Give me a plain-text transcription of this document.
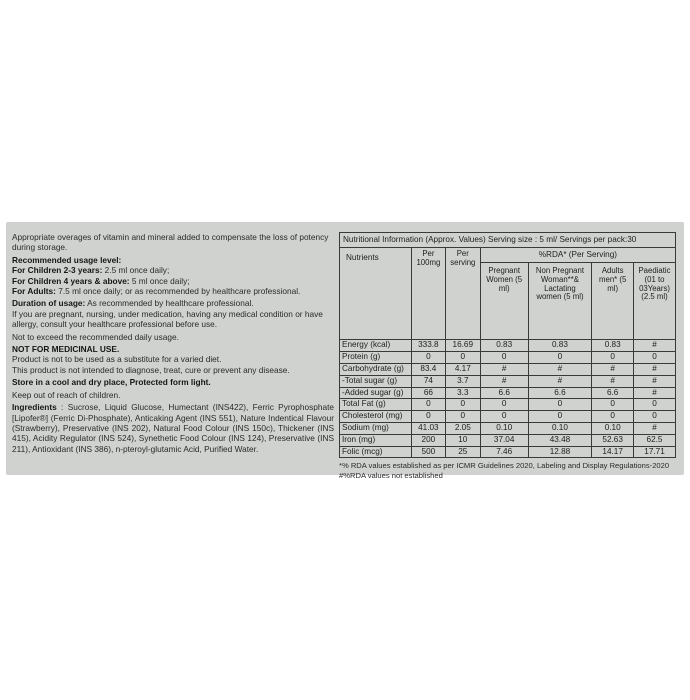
Appropriate overages of vitamin and mineral added to compensate the loss of potency during storage.

Recommended usage level:

For Children 2-3 years: 2.5 ml once daily;

For Children 4 years & above: 5 ml once daily;

For Adults: 7.5 ml once daily; or as recommended by healthcare professional.

Duration of usage: As recommended by healthcare professional.

If you are pregnant, nursing, under medication, having any medical condition or have allergy, consult your healthcare professional before use.

Not to exceed the recommended daily usage.

NOT FOR MEDICINAL USE.

Product is not to be used as a substitute for a varied diet.

This product is not intended to diagnose, treat, cure or prevent any disease.

Store in a cool and dry place, Protected form light.

Keep out of reach of children.

Ingredients : Sucrose, Liquid Glucose, Humectant (INS422), Ferric Pyrophosphate [Lipofer®] (Ferric Di-Phosphate), Anticaking Agent (INS 551), Nature Indentical Flavour (Strawberry), Preservative (INS 202), Natural Food Colour (INS 150c), Thickener (INS 415), Acidity Regulator (INS 524), Synethetic Food Colour (INS 124), Preservative (INS 211), Antioxidant (INS 386), n-pteroyl-glutamic Acid, Purified Water.

Nutritional Information (Approx. Values) Serving size : 5 ml/ Servings per pack:30						
Nutrients	Per 100mg	Per serving	%RDA* (Per Serving)			
			Pregnant Women (5 ml)	Non Pregnant Woman**& Lactating women (5 ml)	Adults men* (5 ml)	Paediatic (01 to 03Years) (2.5 ml)
Energy (kcal)	333.8	16.69	0.83	0.83	0.83	#
Protein (g)	0	0	0	0	0	0
Carbohydrate (g)	83.4	4.17	#	#	#	#
-Total sugar (g)	74	3.7	#	#	#	#
-Added sugar (g)	66	3.3	6.6	6.6	6.6	#
Total Fat (g)	0	0	0	0	0	0
Cholesterol (mg)	0	0	0	0	0	0
Sodium (mg)	41.03	2.05	0.10	0.10	0.10	#
Iron (mg)	200	10	37.04	43.48	52.63	62.5
Folic (mcg)	500	25	7.46	12.88	14.17	17.71
*% RDA values established as per ICMR Guidelines 2020, Labeling and Display Regulations-2020
#%RDA values not established
